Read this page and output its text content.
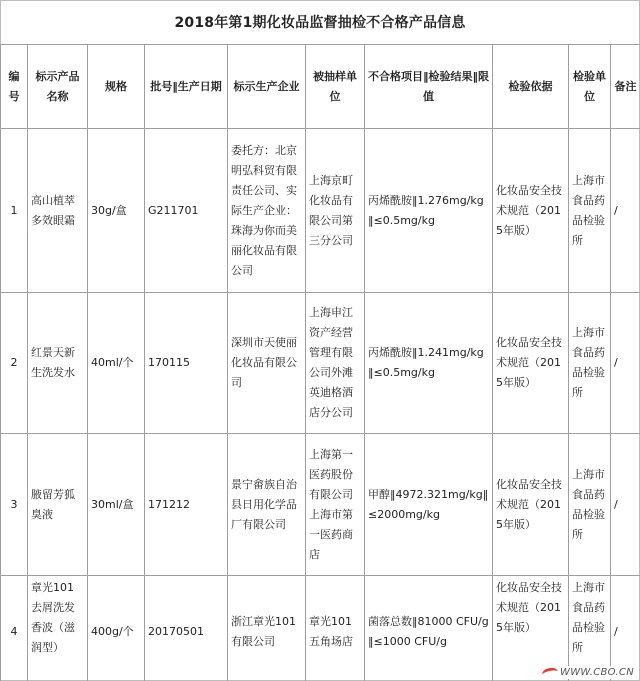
2018年第1期化妆品监督抽检不合格产品信息
编号	标示产品名称	规格	批号‖生产日期	标示生产企业	被抽样单位	不合格项目‖检验结果‖限值	检验依据	检验单位	备注
1	高山植萃多效眼霜	30g/盒	G211701	委托方：北京明弘科贸有限责任公司、实际生产企业：珠海为你而美丽化妆品有限公司	上海京町化妆品有限公司第三分公司	丙烯酰胺‖1.276mg/kg‖≤0.5mg/kg	化妆品安全技术规范（2015年版）	上海市食品药品检验所	/
2	红景天新生洗发水	40ml/个	170115	深圳市天使丽化妆品有限公司	上海申江资产经营管理有限公司外滩英迪格酒店分公司	丙烯酰胺‖1.241mg/kg‖≤0.5mg/kg	化妆品安全技术规范（2015年版）	上海市食品药品检验所	/
3	腋留芳狐臭液	30ml/盒	171212	景宁畲族自治县日用化学品厂有限公司	上海第一医药股份有限公司上海市第一医药商店	甲醇‖4972.321mg/kg‖≤2000mg/kg	化妆品安全技术规范（2015年版）	上海市食品药品检验所	/
4	章光101去屑洗发香波（滋润型）	400g/个	20170501	浙江章光101有限公司	章光101五角场店	菌落总数‖81000 CFU/g‖≤1000 CFU/g	化妆品安全技术规范（2015年版）	上海市食品药品检验所	/
WWW.CBO.CN
